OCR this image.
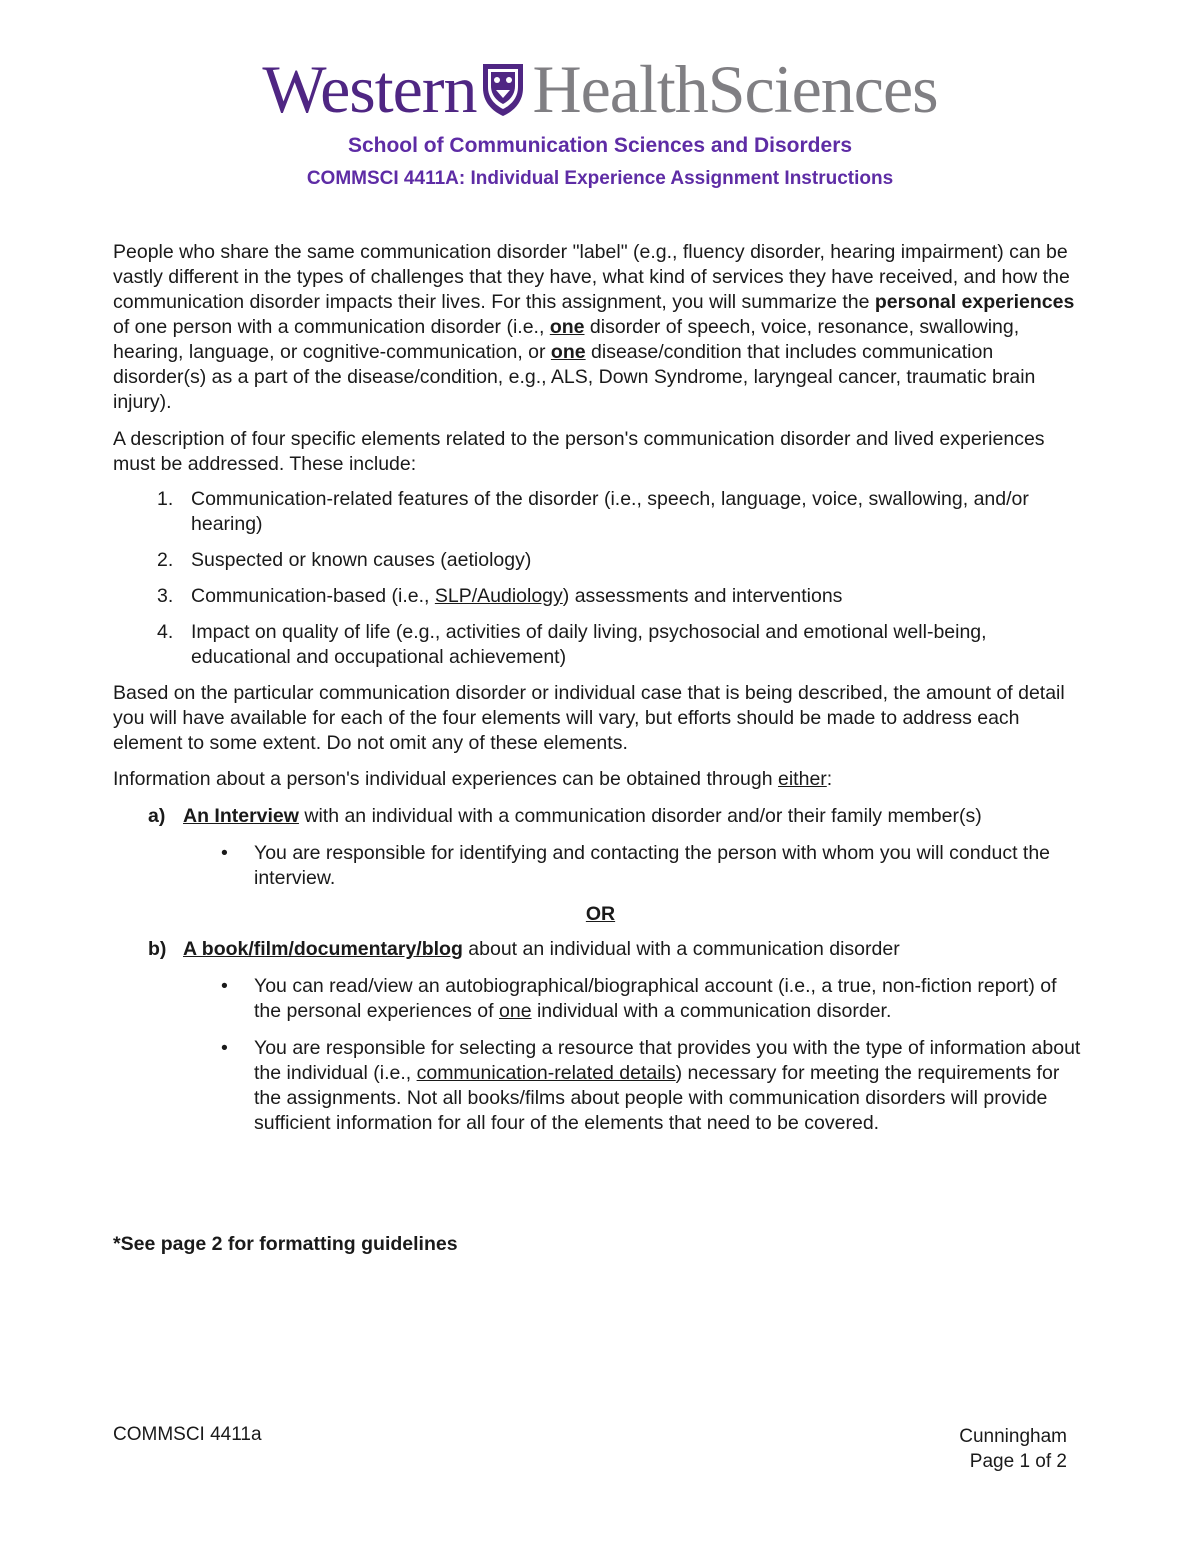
Western HealthSciences
School of Communication Sciences and Disorders
COMMSCI 4411A: Individual Experience Assignment Instructions

People who share the same communication disorder "label" (e.g., fluency disorder, hearing impairment) can be vastly different in the types of challenges that they have, what kind of services they have received, and how the communication disorder impacts their lives. For this assignment, you will summarize the personal experiences of one person with a communication disorder (i.e., one disorder of speech, voice, resonance, swallowing, hearing, language, or cognitive-communication, or one disease/condition that includes communication disorder(s) as a part of the disease/condition, e.g., ALS, Down Syndrome, laryngeal cancer, traumatic brain injury).

A description of four specific elements related to the person's communication disorder and lived experiences must be addressed. These include:

1. Communication-related features of the disorder (i.e., speech, language, voice, swallowing, and/or hearing)
2. Suspected or known causes (aetiology)
3. Communication-based (i.e., SLP/Audiology) assessments and interventions
4. Impact on quality of life (e.g., activities of daily living, psychosocial and emotional well-being, educational and occupational achievement)

Based on the particular communication disorder or individual case that is being described, the amount of detail you will have available for each of the four elements will vary, but efforts should be made to address each element to some extent. Do not omit any of these elements.

Information about a person's individual experiences can be obtained through either:

a) An Interview with an individual with a communication disorder and/or their family member(s)
• You are responsible for identifying and contacting the person with whom you will conduct the interview.
OR
b) A book/film/documentary/blog about an individual with a communication disorder
• You can read/view an autobiographical/biographical account (i.e., a true, non-fiction report) of the personal experiences of one individual with a communication disorder.
• You are responsible for selecting a resource that provides you with the type of information about the individual (i.e., communication-related details) necessary for meeting the requirements for the assignments. Not all books/films about people with communication disorders will provide sufficient information for all four of the elements that need to be covered.
*See page 2 for formatting guidelines
COMMSCI 4411a	Cunningham
Page 1 of 2
